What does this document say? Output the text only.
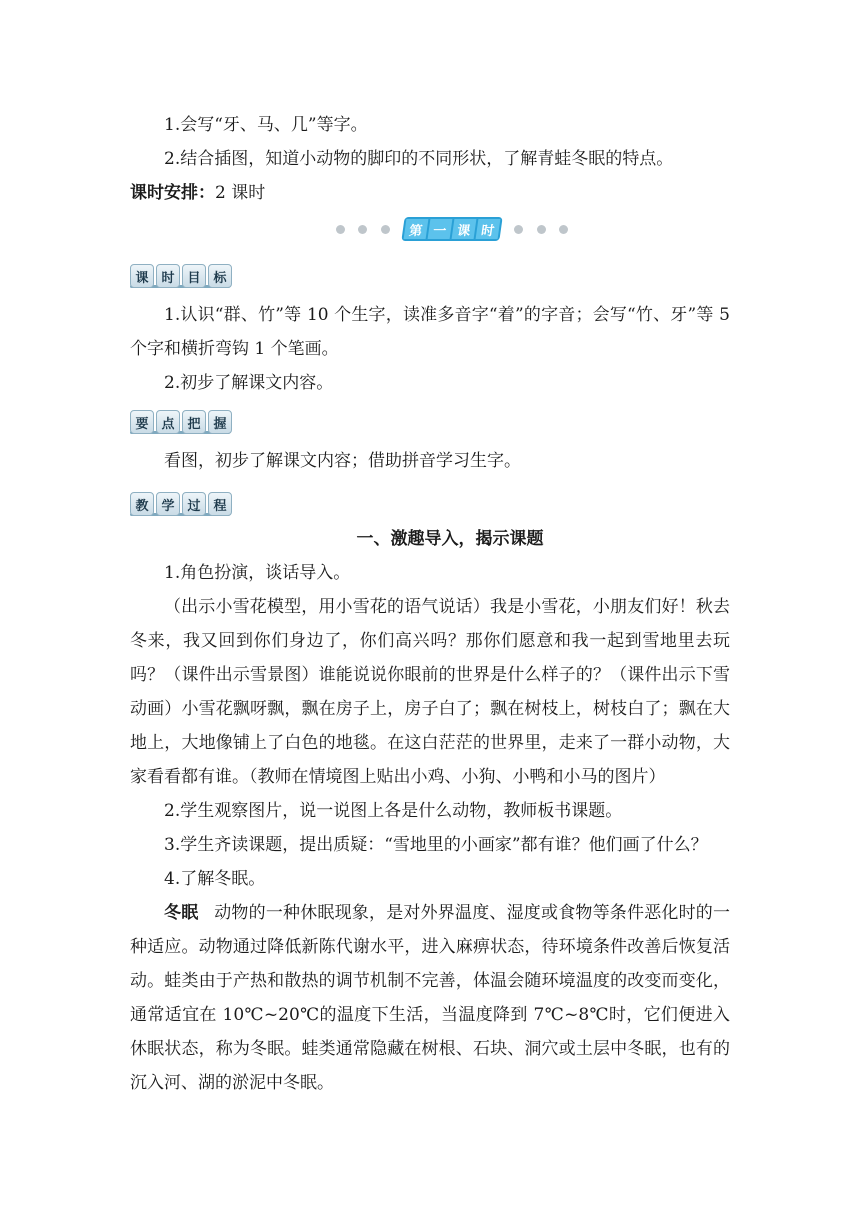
1.会写“牙、马、几”等字。

2.结合插图，知道小动物的脚印的不同形状，了解青蛙冬眠的特点。

课时安排：2 课时

第 一 课 时
课 时 目 标

1.认识“群、竹”等 10 个生字，读准多音字“着”的字音；会写“竹、牙”等 5 个字和横折弯钩 1 个笔画。

2.初步了解课文内容。

要 点 把 握

看图，初步了解课文内容；借助拼音学习生字。

教 学 过 程
一、激趣导入，揭示课题

1.角色扮演，谈话导入。

（出示小雪花模型，用小雪花的语气说话）我是小雪花，小朋友们好！秋去冬来，我又回到你们身边了，你们高兴吗？那你们愿意和我一起到雪地里去玩吗？（课件出示雪景图）谁能说说你眼前的世界是什么样子的？（课件出示下雪动画）小雪花飘呀飘，飘在房子上，房子白了；飘在树枝上，树枝白了；飘在大地上，大地像铺上了白色的地毯。在这白茫茫的世界里，走来了一群小动物，大家看看都有谁。（教师在情境图上贴出小鸡、小狗、小鸭和小马的图片）

2.学生观察图片，说一说图上各是什么动物，教师板书课题。

3.学生齐读课题，提出质疑：“雪地里的小画家”都有谁？他们画了什么？

4.了解冬眠。

冬眠 动物的一种休眠现象，是对外界温度、湿度或食物等条件恶化时的一种适应。动物通过降低新陈代谢水平，进入麻痹状态，待环境条件改善后恢复活动。蛙类由于产热和散热的调节机制不完善，体温会随环境温度的改变而变化，通常适宜在 10℃~20℃的温度下生活，当温度降到 7℃~8℃时，它们便进入休眠状态，称为冬眠。蛙类通常隐藏在树根、石块、洞穴或土层中冬眠，也有的沉入河、湖的淤泥中冬眠。
